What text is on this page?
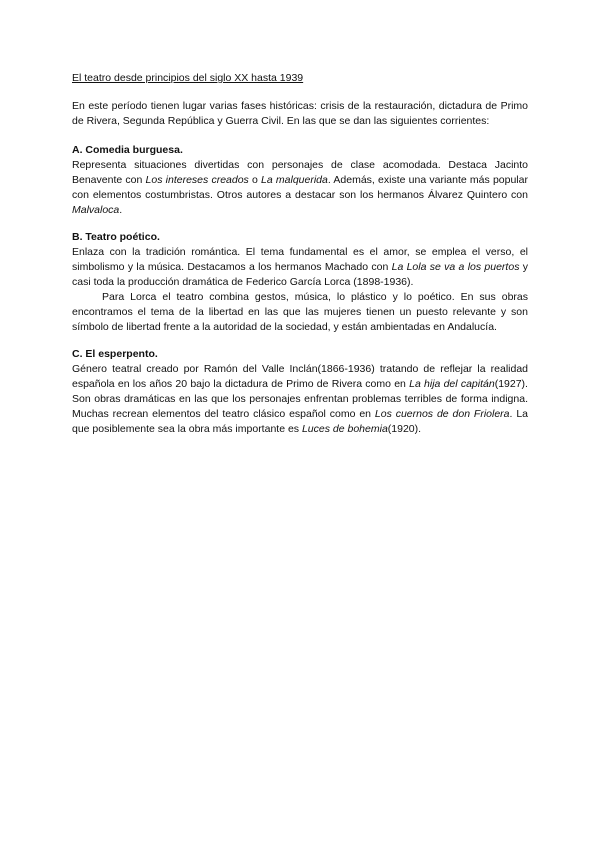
El teatro desde principios del siglo XX hasta 1939

En este período tienen lugar varias fases históricas: crisis de la restauración, dictadura de Primo de Rivera, Segunda República y Guerra Civil. En las que se dan las siguientes corrientes:

A. Comedia burguesa.

Representa situaciones divertidas con personajes de clase acomodada. Destaca Jacinto Benavente con Los intereses creados o La malquerida. Además, existe una variante más popular con elementos costumbristas. Otros autores a destacar son los hermanos Álvarez Quintero con Malvaloca.

B. Teatro poético.

Enlaza con la tradición romántica. El tema fundamental es el amor, se emplea el verso, el simbolismo y la música. Destacamos a los hermanos Machado con La Lola se va a los puertos y casi toda la producción dramática de Federico García Lorca (1898-1936).

Para Lorca el teatro combina gestos, música, lo plástico y lo poético. En sus obras encontramos el tema de la libertad en las que las mujeres tienen un puesto relevante y son símbolo de libertad frente a la autoridad de la sociedad, y están ambientadas en Andalucía.

C. El esperpento.

Género teatral creado por Ramón del Valle Inclán(1866-1936) tratando de reflejar la realidad española en los años 20 bajo la dictadura de Primo de Rivera como en La hija del capitán(1927). Son obras dramáticas en las que los personajes enfrentan problemas terribles de forma indigna. Muchas recrean elementos del teatro clásico español como en Los cuernos de don Friolera. La que posiblemente sea la obra más importante es Luces de bohemia(1920).
